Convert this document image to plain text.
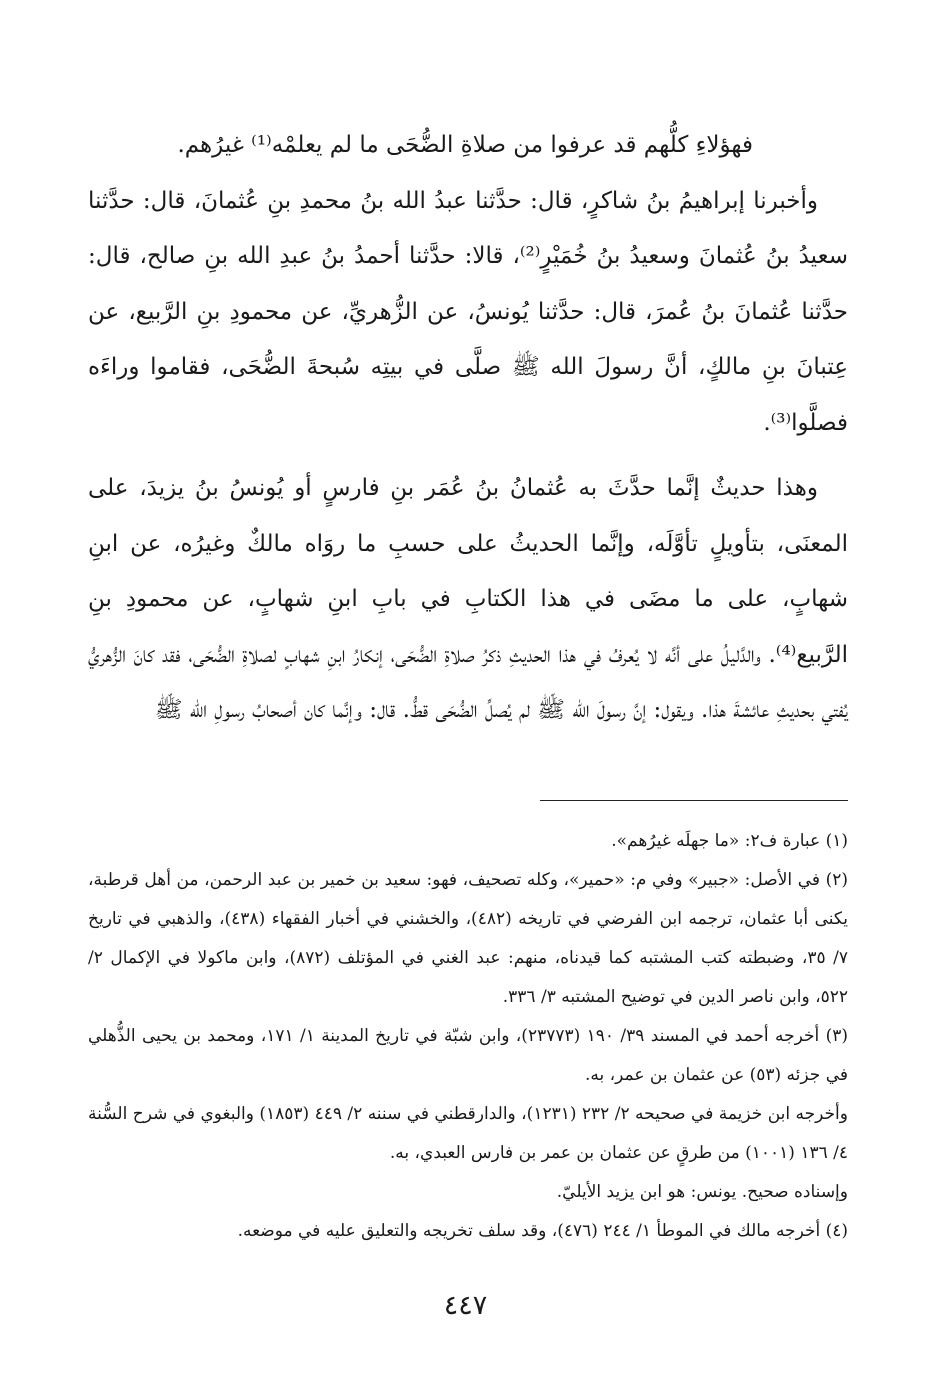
فهؤلاءِ كلُّهم قد عرفوا من صلاةِ الضُّحَى ما لم يعلمْه⁽¹⁾ غيرُهم.

وأخبرنا إبراهيمُ بنُ شاكرٍ، قال: حدَّثنا عبدُ الله بنُ محمدِ بنِ عُثمانَ، قال: حدَّثنا سعيدُ بنُ عُثمانَ وسعيدُ بنُ خُمَيْرٍ⁽²⁾، قالا: حدَّثنا أحمدُ بنُ عبدِ الله بنِ صالح، قال: حدَّثنا عُثمانَ بنُ عُمرَ، قال: حدَّثنا يُونسُ، عن الزُّهريِّ، عن محمودِ بنِ الرَّبيع، عن عِتبانَ بنِ مالكٍ، أنَّ رسولَ الله ﷺ صلَّى في بيتِه سُبحةَ الضُّحَى، فقاموا وراءَه فصلَّوا⁽³⁾.

وهذا حديثٌ إنَّما حدَّثَ به عُثمانُ بنُ عُمَر بنِ فارسٍ أو يُونسُ بنُ يزيدَ، على المعنَى، بتأويلٍ تأوَّلَه، وإنَّما الحديثُ على حسبِ ما روَاه مالكٌ وغيرُه، عن ابنِ شهابٍ، على ما مضَى في هذا الكتابِ في بابِ ابنِ شهابٍ، عن محمودِ بنِ الرَّبيع⁽⁴⁾. والدَّليلُ على أنَّه لا يُعرفُ في هذا الحديثِ ذكرُ صلاةِ الضُّحَى، إنكارُ ابنِ شهابٍ لصلاةِ الضُّحَى، فقد كانَ الزُّهريُّ يُفتي بحديثِ عائشةَ هذا. ويقول: إنَّ رسولَ الله ﷺ لم يُصلِّ الضُّحَى قطُّ. قال: وإنَّما كان أصحابُ رسولِ الله ﷺ

(١) عبارة ف٢: «ما جهلَه غيرُهم».

(٢) في الأصل: «جبير» وفي م: «حمير»، وكله تصحيف، فهو: سعيد بن خمير بن عبد الرحمن، من أهل قرطبة، يكنى أبا عثمان، ترجمه ابن الفرضي في تاريخه (٤٨٢)، والخشني في أخبار الفقهاء (٤٣٨)، والذهبي في تاريخ ٧/ ٣٥، وضبطته كتب المشتبه كما قيدناه، منهم: عبد الغني في المؤتلف (٨٧٢)، وابن ماكولا في الإكمال ٢/ ٥٢٢، وابن ناصر الدين في توضيح المشتبه ٣/ ٣٣٦.

(٣) أخرجه أحمد في المسند ٣٩/ ١٩٠ (٢٣٧٧٣)، وابن شبّة في تاريخ المدينة ١/ ١٧١، ومحمد بن يحيى الذُّهلي في جزئه (٥٣) عن عثمان بن عمر، به.

وأخرجه ابن خزيمة في صحيحه ٢/ ٢٣٢ (١٢٣١)، والدارقطني في سننه ٢/ ٤٤٩ (١٨٥٣) والبغوي في شرح السُّنة ٤/ ١٣٦ (١٠٠١) من طرقٍ عن عثمان بن عمر بن فارس العبدي، به.

وإسناده صحيح. يونس: هو ابن يزيد الأيليّ.

(٤) أخرجه مالك في الموطأ ١/ ٢٤٤ (٤٧٦)، وقد سلف تخريجه والتعليق عليه في موضعه.

٤٤٧
